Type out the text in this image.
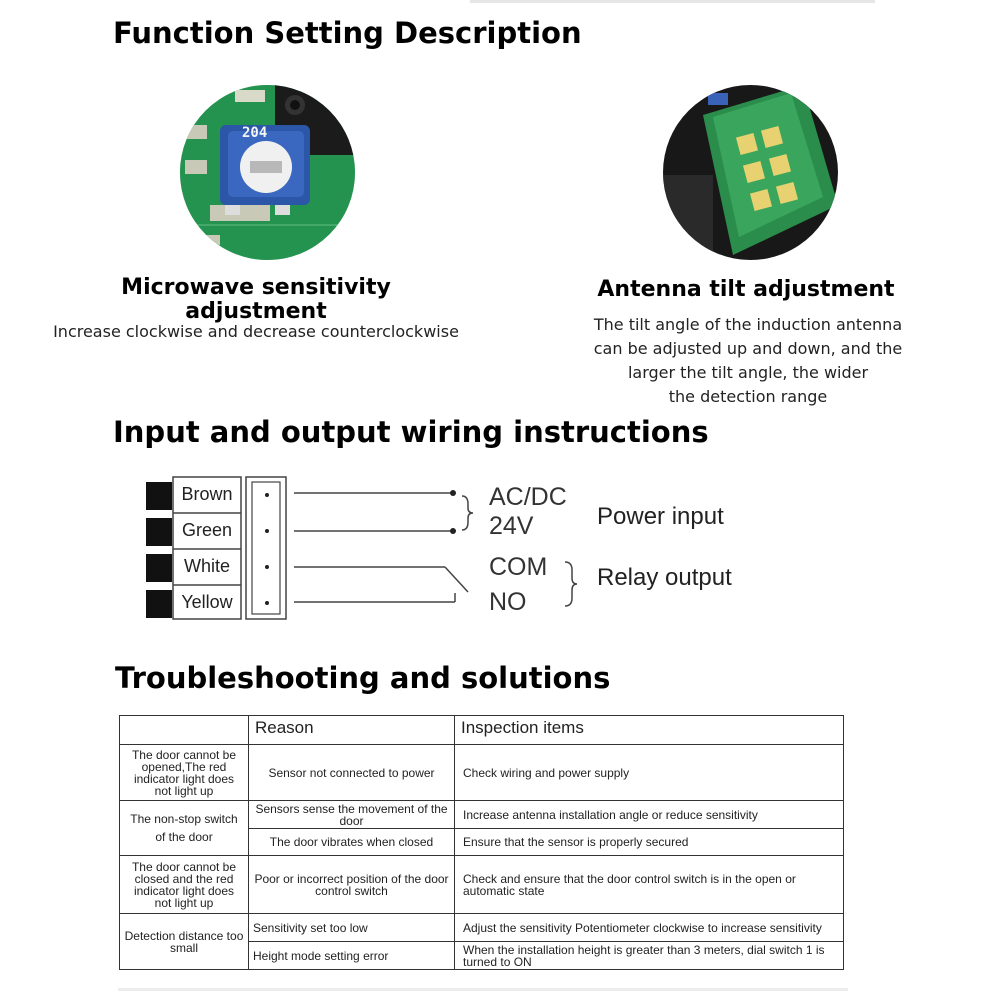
Function Setting Description
204
Microwave sensitivity adjustment
Increase clockwise and decrease counterclockwise
Antenna tilt adjustment
The tilt angle of the induction antenna
can be adjusted up and down, and the
larger the tilt angle, the wider
the detection range
Input and output wiring instructions
Brown
Green
White
Yellow
AC/DC
24V
COM
NO
Power input
Relay output
Troubleshooting and solutions
	Reason	Inspection items
The door cannot be opened,The red indicator light does not light up	Sensor not connected to power	Check wiring and power supply
The non-stop switch of the door	Sensors sense the movement of the door	Increase antenna installation angle or reduce sensitivity
	The door vibrates when closed	Ensure that the sensor is properly secured
The door cannot be closed and the red indicator light does not light up	Poor or incorrect position of the door control switch	Check and ensure that the door control switch is in the open or automatic state
Detection distance too small	Sensitivity set too low	Adjust the sensitivity Potentiometer clockwise to increase sensitivity
	Height mode setting error	When the installation height is greater than 3 meters, dial switch 1 is turned to ON
